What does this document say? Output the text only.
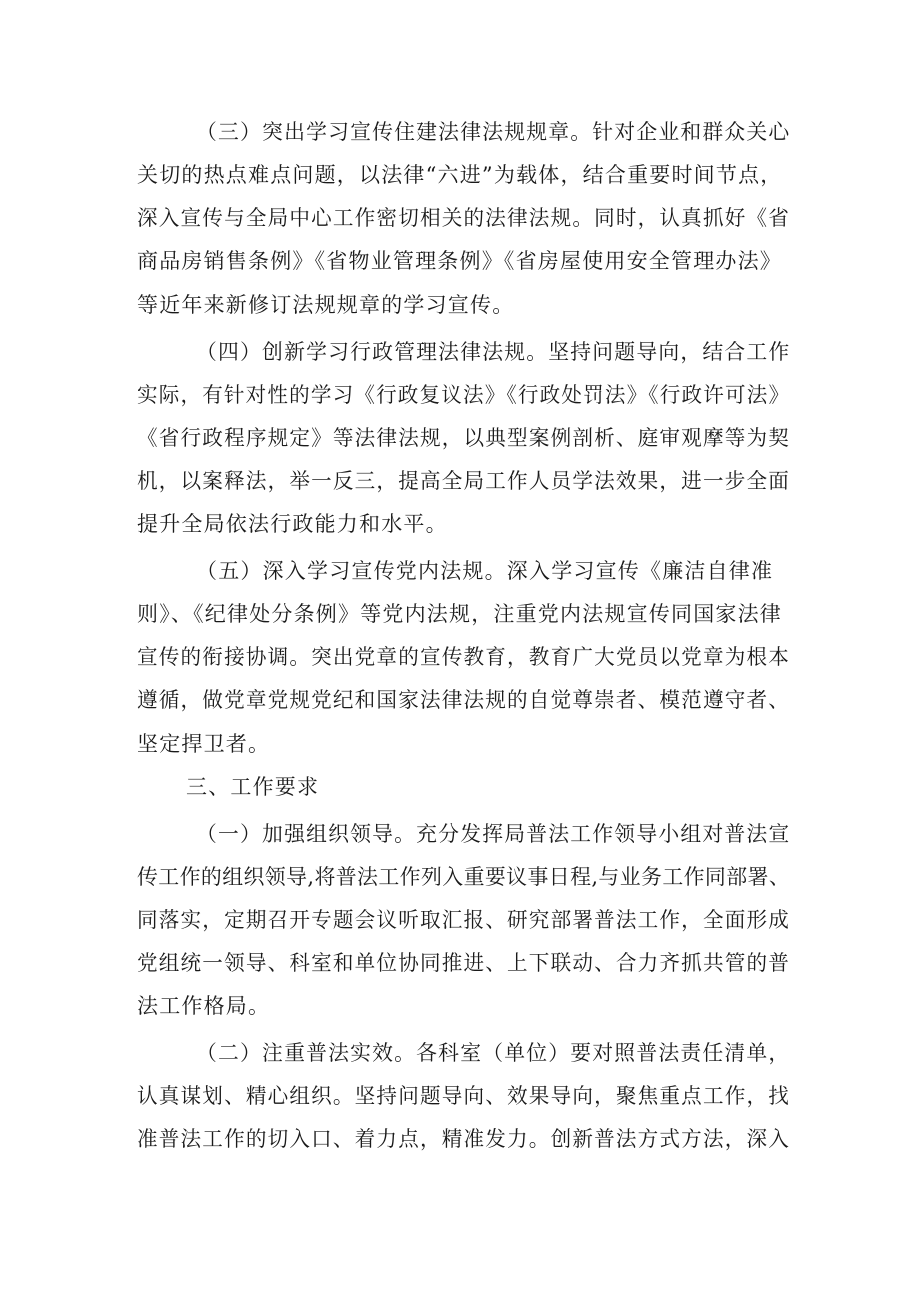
（三）突出学习宣传住建法律法规规章。针对企业和群众关心

关切的热点难点问题，以法律“六进”为载体，结合重要时间节点，

深入宣传与全局中心工作密切相关的法律法规。同时，认真抓好《省

商品房销售条例》《省物业管理条例》《省房屋使用安全管理办法》

等近年来新修订法规规章的学习宣传。

（四）创新学习行政管理法律法规。坚持问题导向，结合工作

实际，有针对性的学习《行政复议法》《行政处罚法》《行政许可法》

《省行政程序规定》等法律法规，以典型案例剖析、庭审观摩等为契

机，以案释法，举一反三，提高全局工作人员学法效果，进一步全面

提升全局依法行政能力和水平。

（五）深入学习宣传党内法规。深入学习宣传《廉洁自律准

则》、《纪律处分条例》等党内法规，注重党内法规宣传同国家法律

宣传的衔接协调。突出党章的宣传教育，教育广大党员以党章为根本

遵循，做党章党规党纪和国家法律法规的自觉尊崇者、模范遵守者、

坚定捍卫者。

三、工作要求

（一）加强组织领导。充分发挥局普法工作领导小组对普法宣

传工作的组织领导,将普法工作列入重要议事日程,与业务工作同部署、

同落实，定期召开专题会议听取汇报、研究部署普法工作，全面形成

党组统一领导、科室和单位协同推进、上下联动、合力齐抓共管的普

法工作格局。

（二）注重普法实效。各科室（单位）要对照普法责任清单，

认真谋划、精心组织。坚持问题导向、效果导向，聚焦重点工作，找

准普法工作的切入口、着力点，精准发力。创新普法方式方法，深入
